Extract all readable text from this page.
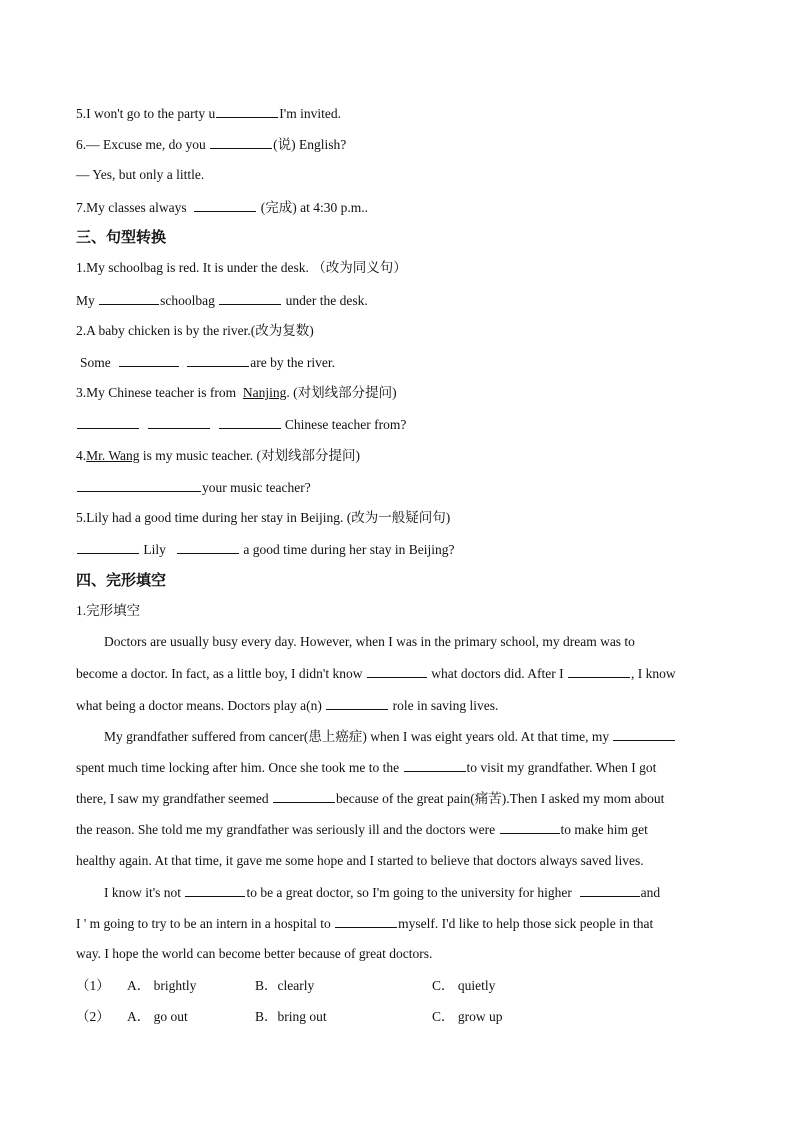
5.I won't go to the party u	I'm invited.
6.— Excuse me, do you	(说) English?
— Yes, but only a little.
7.My classes always	(完成) at 4:30 p.m..
三、句型转换
1.My schoolbag is red. It is under the desk. （改为同义句）
My	schoolbag	under the desk.
2.A baby chicken is by the river.(改为复数)
Some	are by the river.
3.My Chinese teacher is from Nanjing. (对划线部分提问)
Chinese teacher from?
4.Mr. Wang is my music teacher. (对划线部分提问)
your music teacher?
5.Lily had a good time during her stay in Beijing. (改为一般疑问句)
Lily	a good time during her stay in Beijing?
四、完形填空
1.完形填空
Doctors are usually busy every day. However, when I was in the primary school, my dream was to
become a doctor. In fact, as a little boy, I didn't know	what doctors did. After I	, I know
what being a doctor means. Doctors play a(n)	role in saving lives.
My grandfather suffered from cancer(患上癌症) when I was eight years old. At that time, my
spent much time locking after him. Once she took me to the	to visit my grandfather. When I got
there, I saw my grandfather seemed	because of the great pain(痛苦).Then I asked my mom about
the reason. She told me my grandfather was seriously ill and the doctors were	to make him get
healthy again. At that time, it gave me some hope and I started to believe that doctors always saved lives.
I know it's not	to be a great doctor, so I'm going to the university for higher	and
I ' m going to try to be an intern in a hospital to	myself. I'd like to help those sick people in that
way. I hope the world can become better because of great doctors.
（1） A． brightly	B．clearly	C． quietly
（2） A． go out	B．bring out	C． grow up
